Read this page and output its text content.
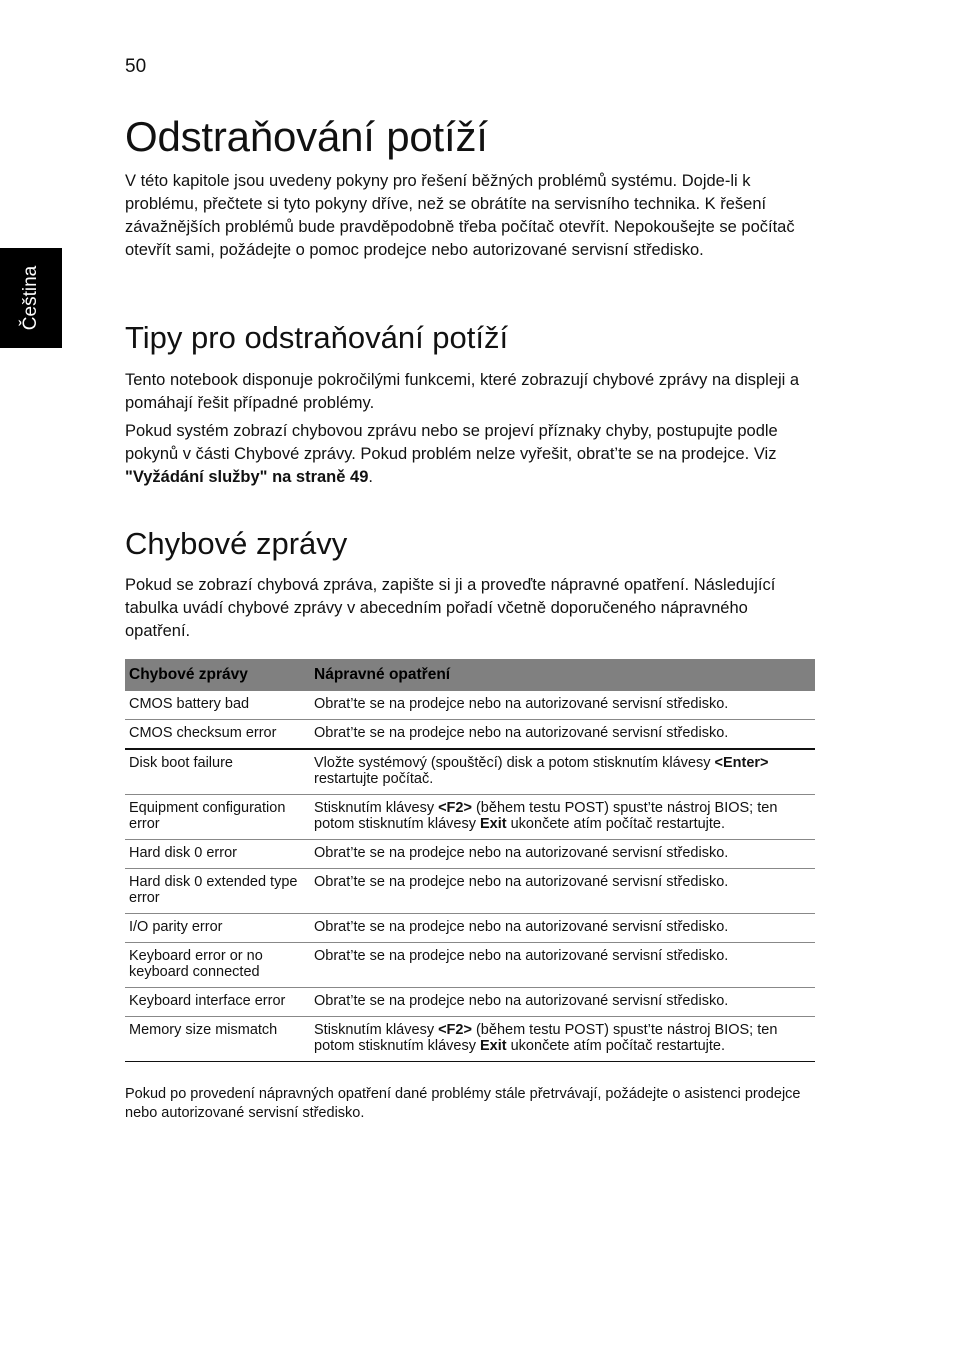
50
Čeština
Odstraňování potíží

V této kapitole jsou uvedeny pokyny pro řešení běžných problémů systému. Dojde-li k problému, přečtete si tyto pokyny dříve, než se obrátíte na servisního technika. K řešení závažnějších problémů bude pravděpodobně třeba počítač otevřít. Nepokoušejte se počítač otevřít sami, požádejte o pomoc prodejce nebo autorizované servisní středisko.

Tipy pro odstraňování potíží

Tento notebook disponuje pokročilými funkcemi, které zobrazují chybové zprávy na displeji a pomáhají řešit případné problémy.

Pokud systém zobrazí chybovou zprávu nebo se projeví příznaky chyby, postupujte podle pokynů v části Chybové zprávy. Pokud problém nelze vyřešit, obrat’te se na prodejce. Viz "Vyžádání služby" na straně 49.

Chybové zprávy

Pokud se zobrazí chybová zpráva, zapište si ji a proveďte nápravné opatření. Následující tabulka uvádí chybové zprávy v abecedním pořadí včetně doporučeného nápravného opatření.

Chybové zprávy	Nápravné opatření
CMOS battery bad	Obrat’te se na prodejce nebo na autorizované servisní středisko.
CMOS checksum error	Obrat’te se na prodejce nebo na autorizované servisní středisko.
Disk boot failure	Vložte systémový (spouštěcí) disk a potom stisknutím klávesy <Enter> restartujte počítač.
Equipment configuration error	Stisknutím klávesy <F2> (během testu POST) spust’te nástroj BIOS; ten potom stisknutím klávesy Exit ukončete atím počítač restartujte.
Hard disk 0 error	Obrat’te se na prodejce nebo na autorizované servisní středisko.
Hard disk 0 extended type error	Obrat’te se na prodejce nebo na autorizované servisní středisko.
I/O parity error	Obrat’te se na prodejce nebo na autorizované servisní středisko.
Keyboard error or no keyboard connected	Obrat’te se na prodejce nebo na autorizované servisní středisko.
Keyboard interface error	Obrat’te se na prodejce nebo na autorizované servisní středisko.
Memory size mismatch	Stisknutím klávesy <F2> (během testu POST) spust’te nástroj BIOS; ten potom stisknutím klávesy Exit ukončete atím počítač restartujte.

Pokud po provedení nápravných opatření dané problémy stále přetrvávají, požádejte o asistenci prodejce nebo autorizované servisní středisko.
